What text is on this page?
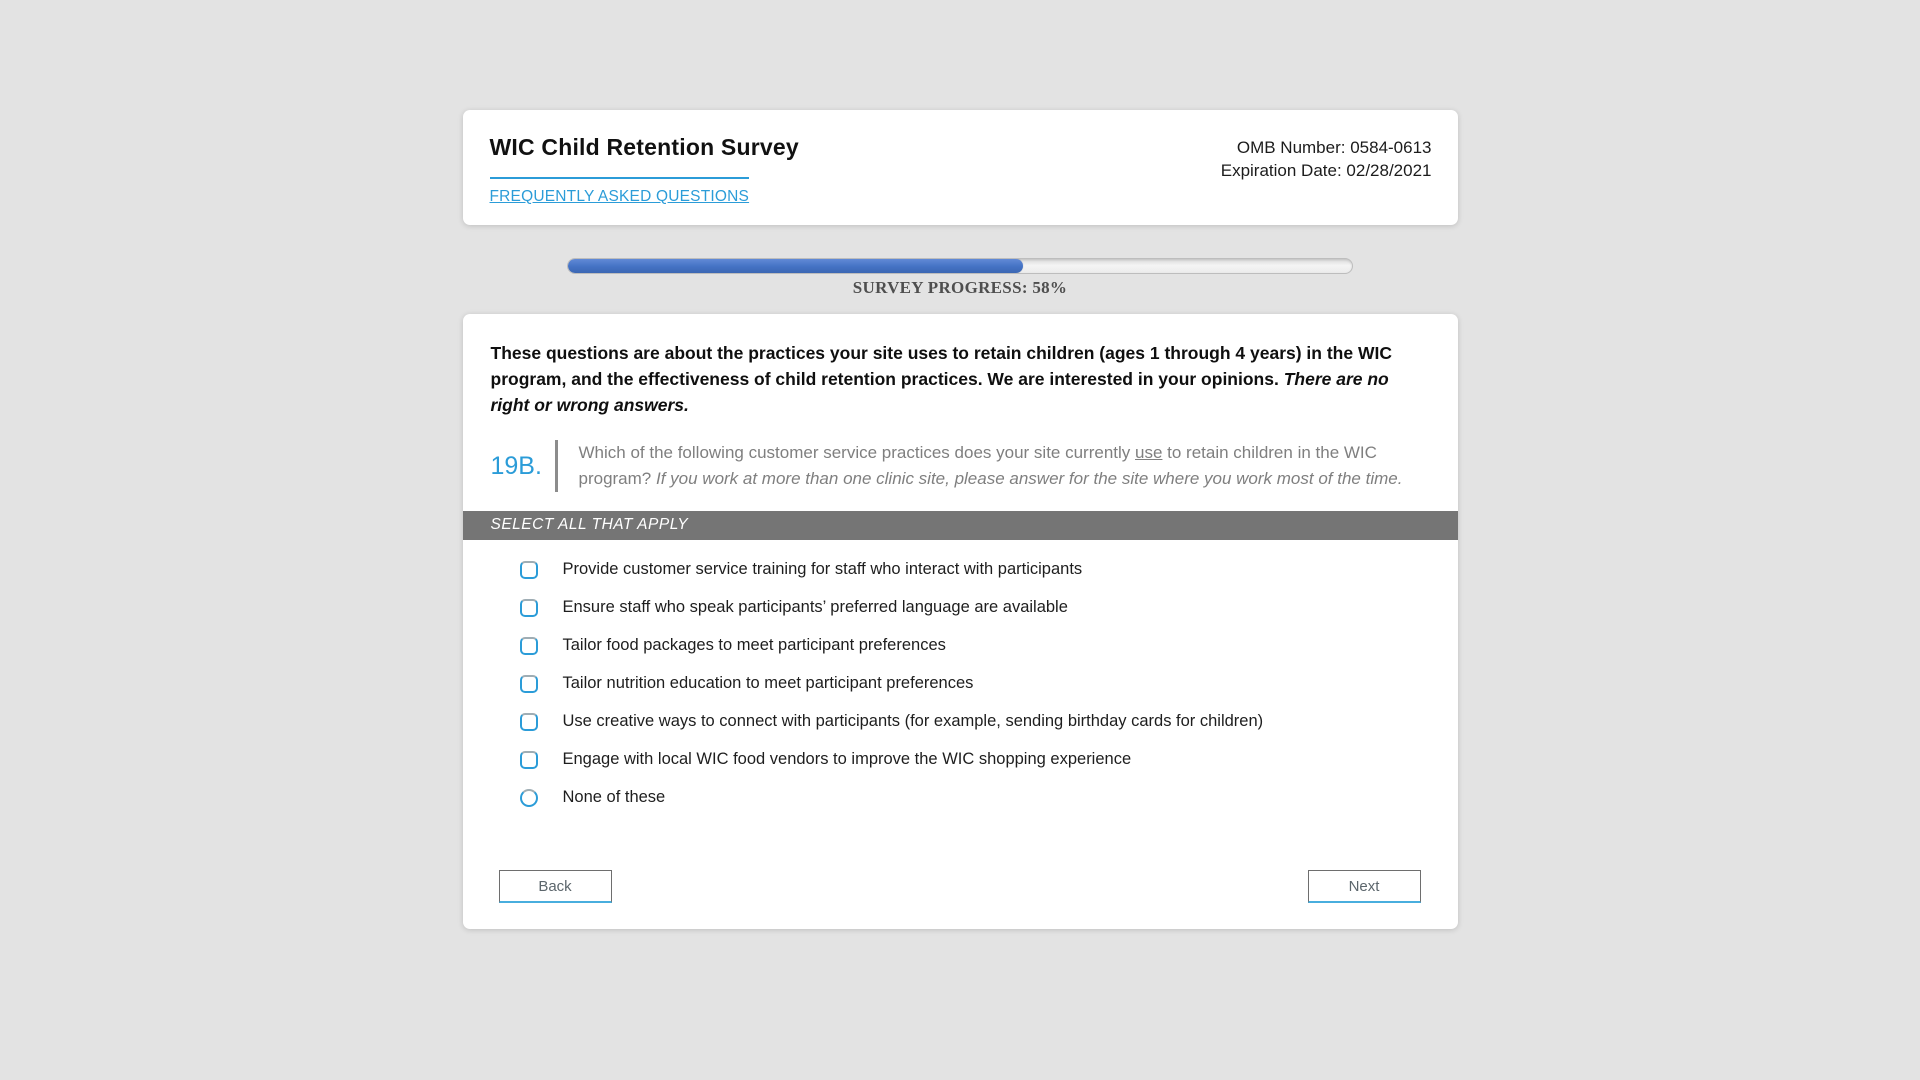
WIC Child Retention Survey
FREQUENTLY ASKED QUESTIONS
OMB Number: 0584-0613
Expiration Date: 02/28/2021
SURVEY PROGRESS: 58%
These questions are about the practices your site uses to retain children (ages 1 through 4 years) in the WIC program, and the effectiveness of child retention practices. We are interested in your opinions. There are no right or wrong answers.
19B.	Which of the following customer service practices does your site currently use to retain children in the WIC program? If you work at more than one clinic site, please answer for the site where you work most of the time.
SELECT ALL THAT APPLY
Provide customer service training for staff who interact with participants
Ensure staff who speak participants’ preferred language are available
Tailor food packages to meet participant preferences
Tailor nutrition education to meet participant preferences
Use creative ways to connect with participants (for example, sending birthday cards for children)
Engage with local WIC food vendors to improve the WIC shopping experience
None of these
Back	Next
